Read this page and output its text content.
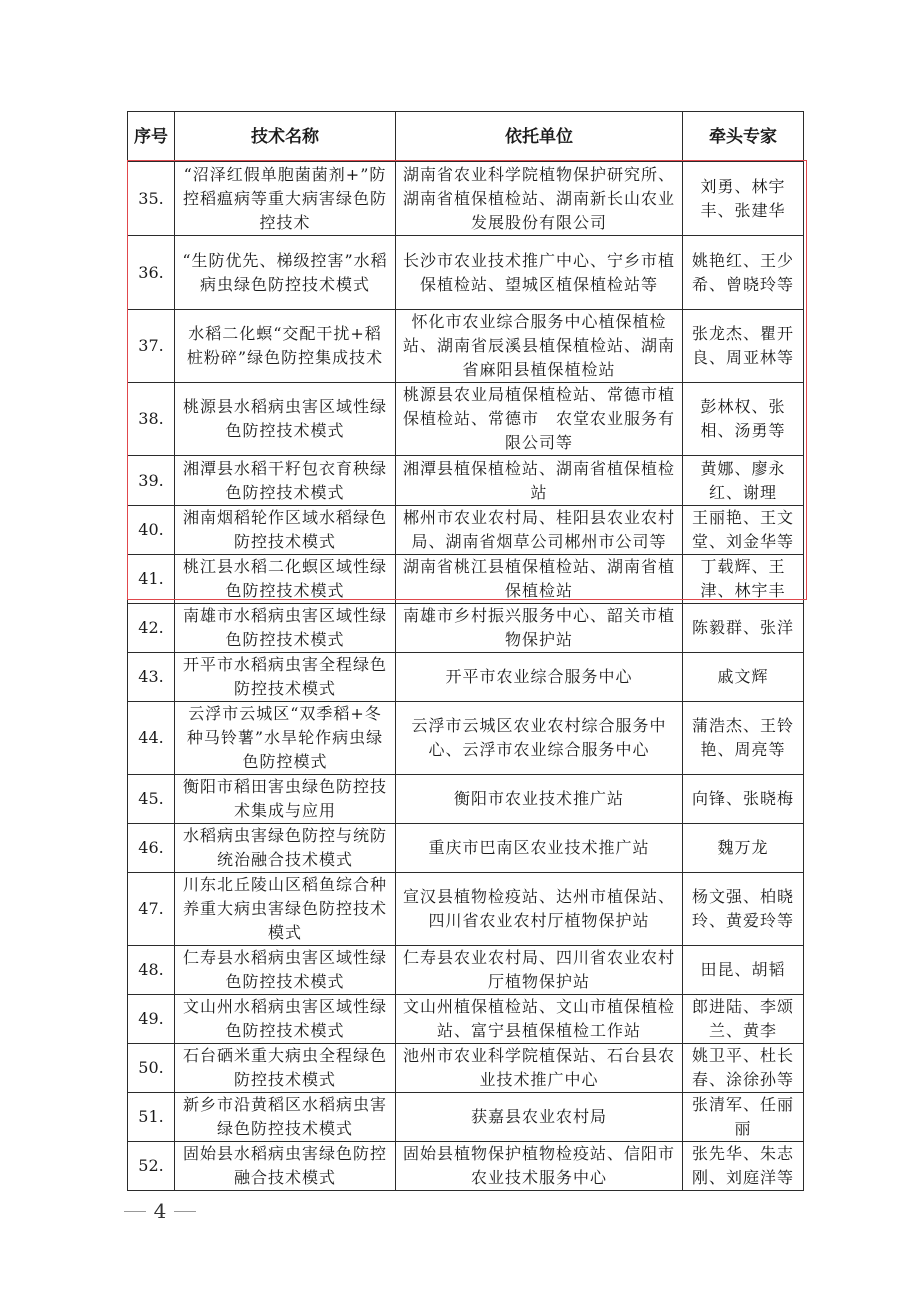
序号	技术名称	依托单位	牵头专家
35.	“沼泽红假单胞菌菌剂+”防控稻瘟病等重大病害绿色防控技术	湖南省农业科学院植物保护研究所、湖南省植保植检站、湖南新长山农业发展股份有限公司	刘勇、林宇丰、张建华
36.	“生防优先、梯级控害”水稻病虫绿色防控技术模式	长沙市农业技术推广中心、宁乡市植保植检站、望城区植保植检站等	姚艳红、王少希、曾晓玲等
37.	水稻二化螟“交配干扰+稻桩粉碎”绿色防控集成技术	怀化市农业综合服务中心植保植检站、湖南省辰溪县植保植检站、湖南省麻阳县植保植检站	张龙杰、瞿开良、周亚林等
38.	桃源县水稻病虫害区域性绿色防控技术模式	桃源县农业局植保植检站、常德市植保植检站、常德市　农堂农业服务有限公司等	彭林权、张相、汤勇等
39.	湘潭县水稻干籽包衣育秧绿色防控技术模式	湘潭县植保植检站、湖南省植保植检站	黄娜、廖永红、谢理
40.	湘南烟稻轮作区域水稻绿色防控技术模式	郴州市农业农村局、桂阳县农业农村局、湖南省烟草公司郴州市公司等	王丽艳、王文堂、刘金华等
41.	桃江县水稻二化螟区域性绿色防控技术模式	湖南省桃江县植保植检站、湖南省植保植检站	丁载辉、王津、林宇丰
42.	南雄市水稻病虫害区域性绿色防控技术模式	南雄市乡村振兴服务中心、韶关市植物保护站	陈毅群、张洋
43.	开平市水稻病虫害全程绿色防控技术模式	开平市农业综合服务中心	戚文辉
44.	云浮市云城区“双季稻+冬种马铃薯”水旱轮作病虫绿色防控模式	云浮市云城区农业农村综合服务中心、云浮市农业综合服务中心	蒲浩杰、王铃艳、周亮等
45.	衡阳市稻田害虫绿色防控技术集成与应用	衡阳市农业技术推广站	向锋、张晓梅
46.	水稻病虫害绿色防控与统防统治融合技术模式	重庆市巴南区农业技术推广站	魏万龙
47.	川东北丘陵山区稻鱼综合种养重大病虫害绿色防控技术模式	宣汉县植物检疫站、达州市植保站、四川省农业农村厅植物保护站	杨文强、柏晓玲、黄爱玲等
48.	仁寿县水稻病虫害区域性绿色防控技术模式	仁寿县农业农村局、四川省农业农村厅植物保护站	田昆、胡韬
49.	文山州水稻病虫害区域性绿色防控技术模式	文山州植保植检站、文山市植保植检站、富宁县植保植检工作站	郎进陆、李颂兰、黄李
50.	石台硒米重大病虫全程绿色防控技术模式	池州市农业科学院植保站、石台县农业技术推广中心	姚卫平、杜长春、涂徐孙等
51.	新乡市沿黄稻区水稻病虫害绿色防控技术模式	获嘉县农业农村局	张清军、任丽丽
52.	固始县水稻病虫害绿色防控融合技术模式	固始县植物保护植物检疫站、信阳市农业技术服务中心	张先华、朱志刚、刘庭洋等
4
